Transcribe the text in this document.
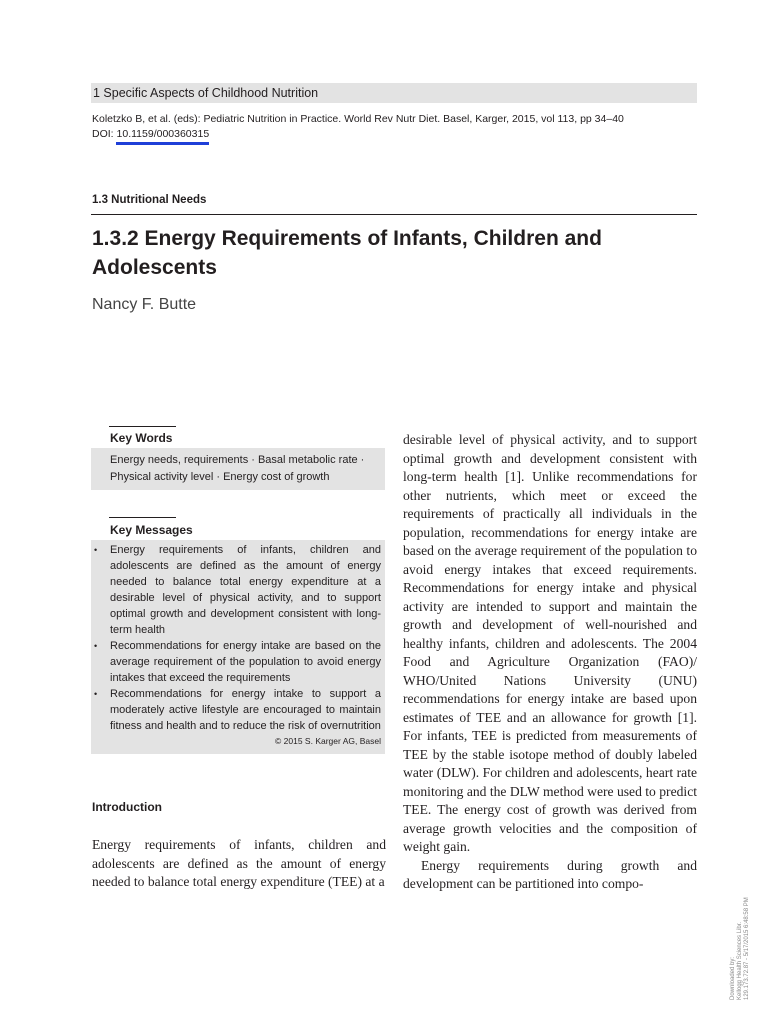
1 Specific Aspects of Childhood Nutrition
Koletzko B, et al. (eds): Pediatric Nutrition in Practice. World Rev Nutr Diet. Basel, Karger, 2015, vol 113, pp 34–40
DOI: 10.1159/000360315
1.3 Nutritional Needs
1.3.2 Energy Requirements of Infants, Children and Adolescents
Nancy F. Butte
Key Words
Energy needs, requirements · Basal metabolic rate ·
Physical activity level · Energy cost of growth
Key Messages
• Energy requirements of infants, children and adolescents are defined as the amount of energy needed to balance total energy expenditure at a desirable level of physical activity, and to support optimal growth and development consistent with long-term health
• Recommendations for energy intake are based on the average requirement of the population to avoid energy intakes that exceed the requirements
• Recommendations for energy intake to support a moderately active lifestyle are encouraged to maintain fitness and health and to reduce the risk of overnutrition
© 2015 S. Karger AG, Basel
Introduction
Energy requirements of infants, children and adolescents are defined as the amount of energy needed to balance total energy expenditure (TEE) at a

desirable level of physical activity, and to support optimal growth and development consistent with long-term health [1]. Unlike recommendations for other nutrients, which meet or exceed the requirements of practically all individuals in the population, recommendations for energy intake are based on the average requirement of the population to avoid energy intakes that exceed requirements. Recommendations for energy intake and physical activity are intended to support and maintain the growth and development of well-nourished and healthy infants, children and adolescents. The 2004 Food and Agriculture Organization (FAO)/ WHO/United Nations University (UNU) recommendations for energy intake are based upon estimates of TEE and an allowance for growth [1]. For infants, TEE is predicted from measurements of TEE by the stable isotope method of doubly labeled water (DLW). For children and adolescents, heart rate monitoring and the DLW method were used to predict TEE. The energy cost of growth was derived from average growth velocities and the composition of weight gain.

Energy requirements during growth and development can be partitioned into compo-

Downloaded by: Kellogg Health Sciences Libr. 129.173.72.87 - 5/17/2015 6:48:58 PM
